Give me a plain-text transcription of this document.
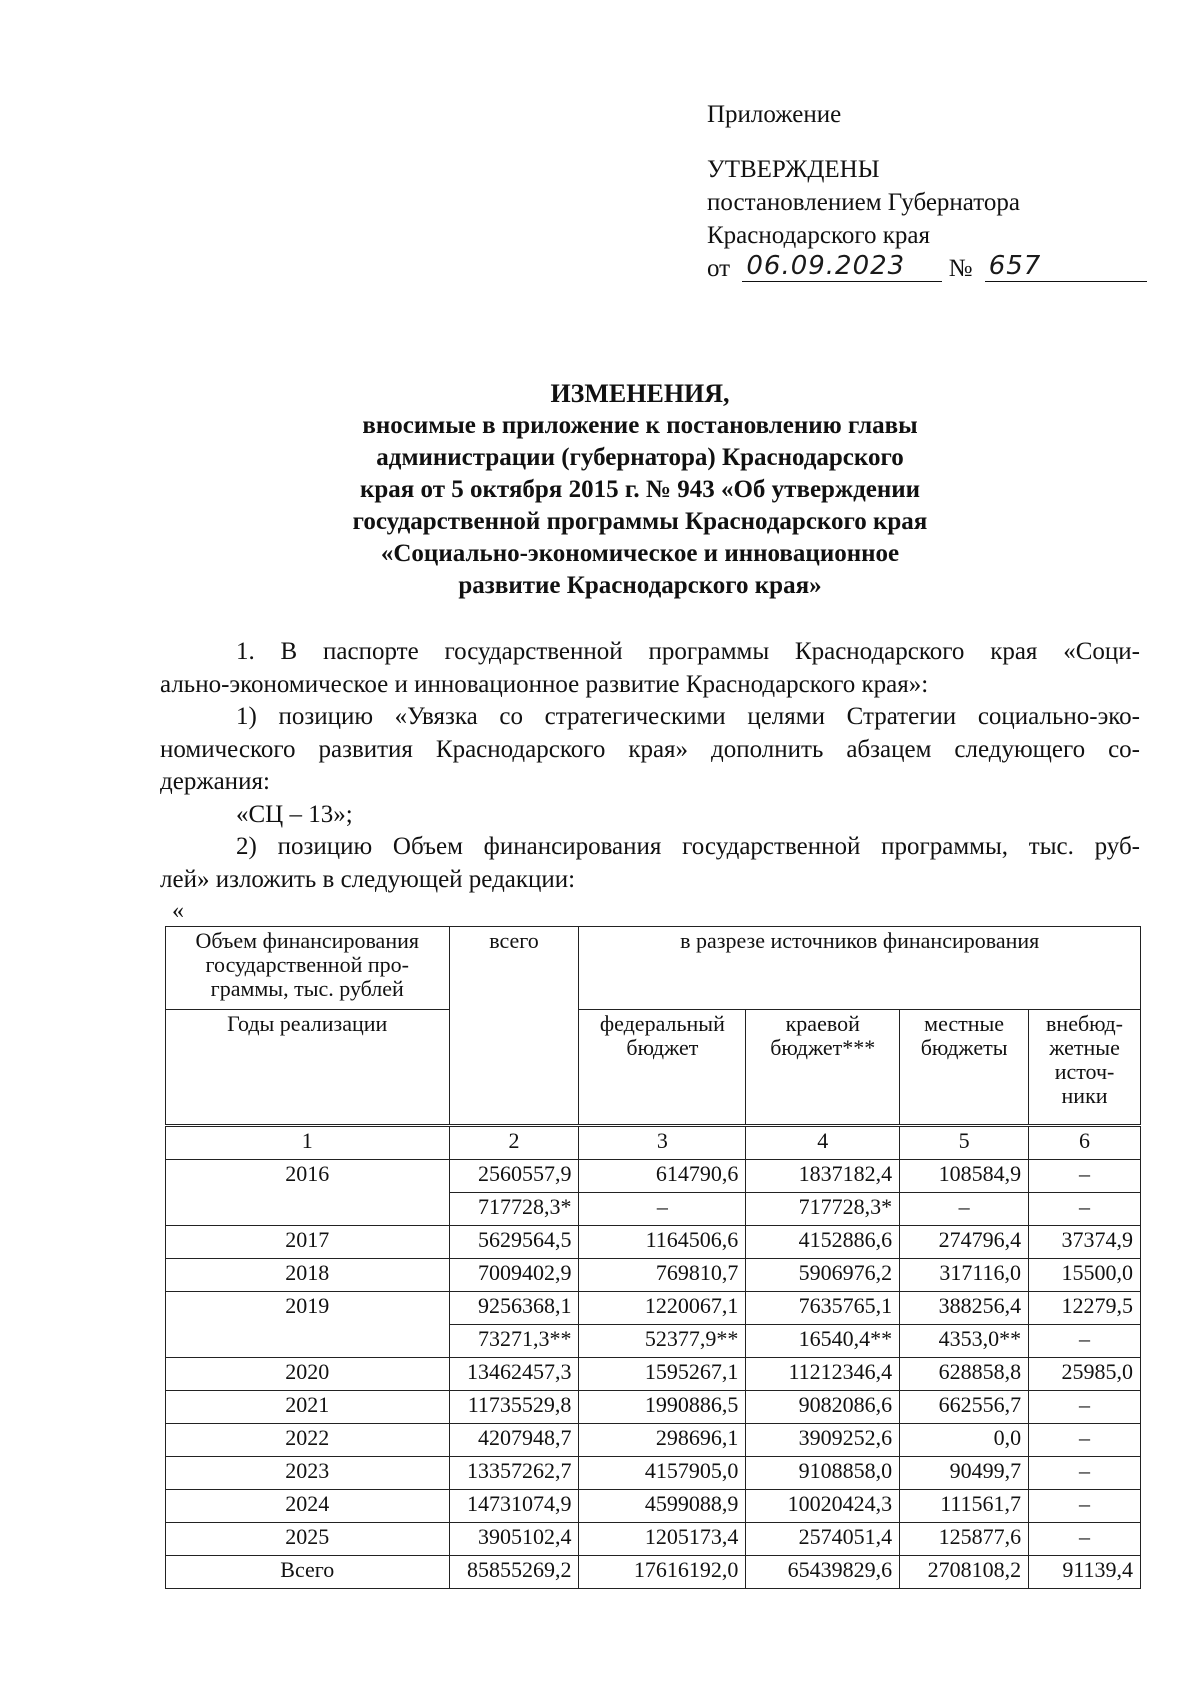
Приложение
УТВЕРЖДЕНЫ
постановлением Губернатора
Краснодарского края
от 06.09.2023 № 657
ИЗМЕНЕНИЯ,
вносимые в приложение к постановлению главы
администрации (губернатора) Краснодарского
края от 5 октября 2015 г. № 943 «Об утверждении
государственной программы Краснодарского края
«Социально-экономическое и инновационное
развитие Краснодарского края»

1. В паспорте государственной программы Краснодарского края «Соци-

ально-экономическое и инновационное развитие Краснодарского края»:

1) позицию «Увязка со стратегическими целями Стратегии социально-эко-

номического развития Краснодарского края» дополнить абзацем следующего со-

держания:

«СЦ – 13»;

2) позицию Объем финансирования государственной программы, тыс. руб-

лей» изложить в следующей редакции:

«
Объем финансирования государственной про- граммы, тыс. рублей	всего	в разрезе источников финансирования			
Годы реализации		федеральный бюджет	краевой бюджет***	местные бюджеты	внебюд- жетные источ- ники
1	2	3	4	5	6
2016	2560557,9	614790,6	1837182,4	108584,9	–
	717728,3*	–	717728,3*	–	–
2017	5629564,5	1164506,6	4152886,6	274796,4	37374,9
2018	7009402,9	769810,7	5906976,2	317116,0	15500,0
2019	9256368,1	1220067,1	7635765,1	388256,4	12279,5
	73271,3**	52377,9**	16540,4**	4353,0**	–
2020	13462457,3	1595267,1	11212346,4	628858,8	25985,0
2021	11735529,8	1990886,5	9082086,6	662556,7	–
2022	4207948,7	298696,1	3909252,6	0,0	–
2023	13357262,7	4157905,0	9108858,0	90499,7	–
2024	14731074,9	4599088,9	10020424,3	111561,7	–
2025	3905102,4	1205173,4	2574051,4	125877,6	–
Всего	85855269,2	17616192,0	65439829,6	2708108,2	91139,4
